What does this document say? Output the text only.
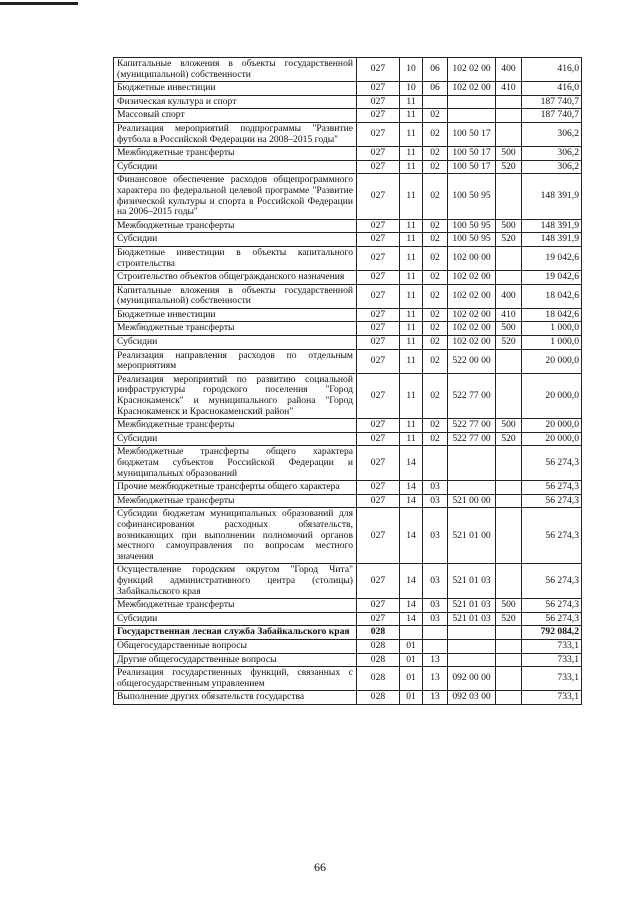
Капитальные вложения в объекты государственной (муниципальной) собственности	027	10	06	102 02 00	400	416,0
Бюджетные инвестиции	027	10	06	102 02 00	410	416,0
Физическая культура и спорт	027	11				187 740,7
Массовый спорт	027	11	02			187 740,7
Реализация мероприятий подпрограммы "Развитие футбола в Российской Федерации на 2008–2015 годы"	027	11	02	100 50 17		306,2
Межбюджетные трансферты	027	11	02	100 50 17	500	306,2
Субсидии	027	11	02	100 50 17	520	306,2
Финансовое обеспечение расходов общепрограммного характера по федеральной целевой программе "Развитие физической культуры и спорта в Российской Федерации на 2006–2015 годы"	027	11	02	100 50 95		148 391,9
Межбюджетные трансферты	027	11	02	100 50 95	500	148 391,9
Субсидии	027	11	02	100 50 95	520	148 391,9
Бюджетные инвестиции в объекты капитального строительства	027	11	02	102 00 00		19 042,6
Строительство объектов общегражданского назначения	027	11	02	102 02 00		19 042,6
Капитальные вложения в объекты государственной (муниципальной) собственности	027	11	02	102 02 00	400	18 042,6
Бюджетные инвестиции	027	11	02	102 02 00	410	18 042,6
Межбюджетные трансферты	027	11	02	102 02 00	500	1 000,0
Субсидии	027	11	02	102 02 00	520	1 000,0
Реализация направления расходов по отдельным мероприятиям	027	11	02	522 00 00		20 000,0
Реализация мероприятий по развитию социальной инфраструктуры городского поселения "Город Краснокаменск" и муниципального района "Город Краснокаменск и Краснокаменский район"	027	11	02	522 77 00		20 000,0
Межбюджетные трансферты	027	11	02	522 77 00	500	20 000,0
Субсидии	027	11	02	522 77 00	520	20 000,0
Межбюджетные трансферты общего характера бюджетам субъектов Российской Федерации и муниципальных образований	027	14				56 274,3
Прочие межбюджетные трансферты общего характера	027	14	03			56 274,3
Межбюджетные трансферты	027	14	03	521 00 00		56 274,3
Субсидии бюджетам муниципальных образований для софинансирования расходных обязательств, возникающих при выполнении полномочий органов местного самоуправления по вопросам местного значения	027	14	03	521 01 00		56 274,3
Осуществление городским округом "Город Чита" функций административного центра (столицы) Забайкальского края	027	14	03	521 01 03		56 274,3
Межбюджетные трансферты	027	14	03	521 01 03	500	56 274,3
Субсидии	027	14	03	521 01 03	520	56 274,3
Государственная лесная служба Забайкальского края	028					792 084,2
Общегосударственные вопросы	028	01				733,1
Другие общегосударственные вопросы	028	01	13			733,1
Реализация государственных функций, связанных с общегосударственным управлением	028	01	13	092 00 00		733,1
Выполнение других обязательств государства	028	01	13	092 03 00		733,1
66
